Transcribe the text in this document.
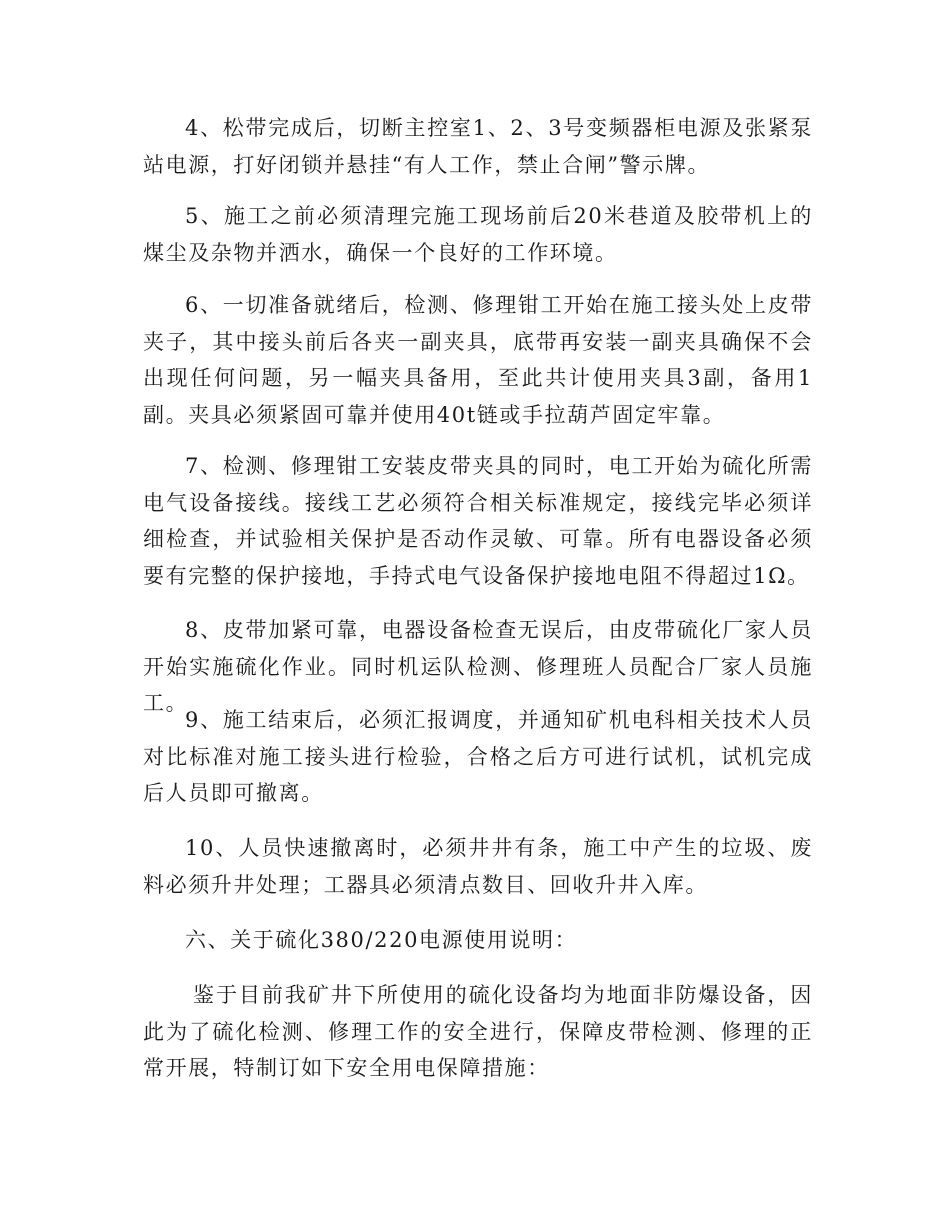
4、松带完成后，切断主控室1、2、3号变频器柜电源及张紧泵站电源，打好闭锁并悬挂“有人工作，禁止合闸”警示牌。

5、施工之前必须清理完施工现场前后20米巷道及胶带机上的煤尘及杂物并洒水，确保一个良好的工作环境。

6、一切准备就绪后，检测、修理钳工开始在施工接头处上皮带夹子，其中接头前后各夹一副夹具，底带再安装一副夹具确保不会出现任何问题，另一幅夹具备用，至此共计使用夹具3副，备用1副。夹具必须紧固可靠并使用40t链或手拉葫芦固定牢靠。

7、检测、修理钳工安装皮带夹具的同时，电工开始为硫化所需电气设备接线。接线工艺必须符合相关标准规定，接线完毕必须详细检查，并试验相关保护是否动作灵敏、可靠。所有电器设备必须要有完整的保护接地，手持式电气设备保护接地电阻不得超过1Ω。

8、皮带加紧可靠，电器设备检查无误后，由皮带硫化厂家人员开始实施硫化作业。同时机运队检测、修理班人员配合厂家人员施工。

9、施工结束后，必须汇报调度，并通知矿机电科相关技术人员对比标准对施工接头进行检验，合格之后方可进行试机，试机完成后人员即可撤离。

10、人员快速撤离时，必须井井有条，施工中产生的垃圾、废料必须升井处理；工器具必须清点数目、回收升井入库。

六、关于硫化380/220电源使用说明：

鉴于目前我矿井下所使用的硫化设备均为地面非防爆设备，因此为了硫化检测、修理工作的安全进行，保障皮带检测、修理的正常开展，特制订如下安全用电保障措施：
